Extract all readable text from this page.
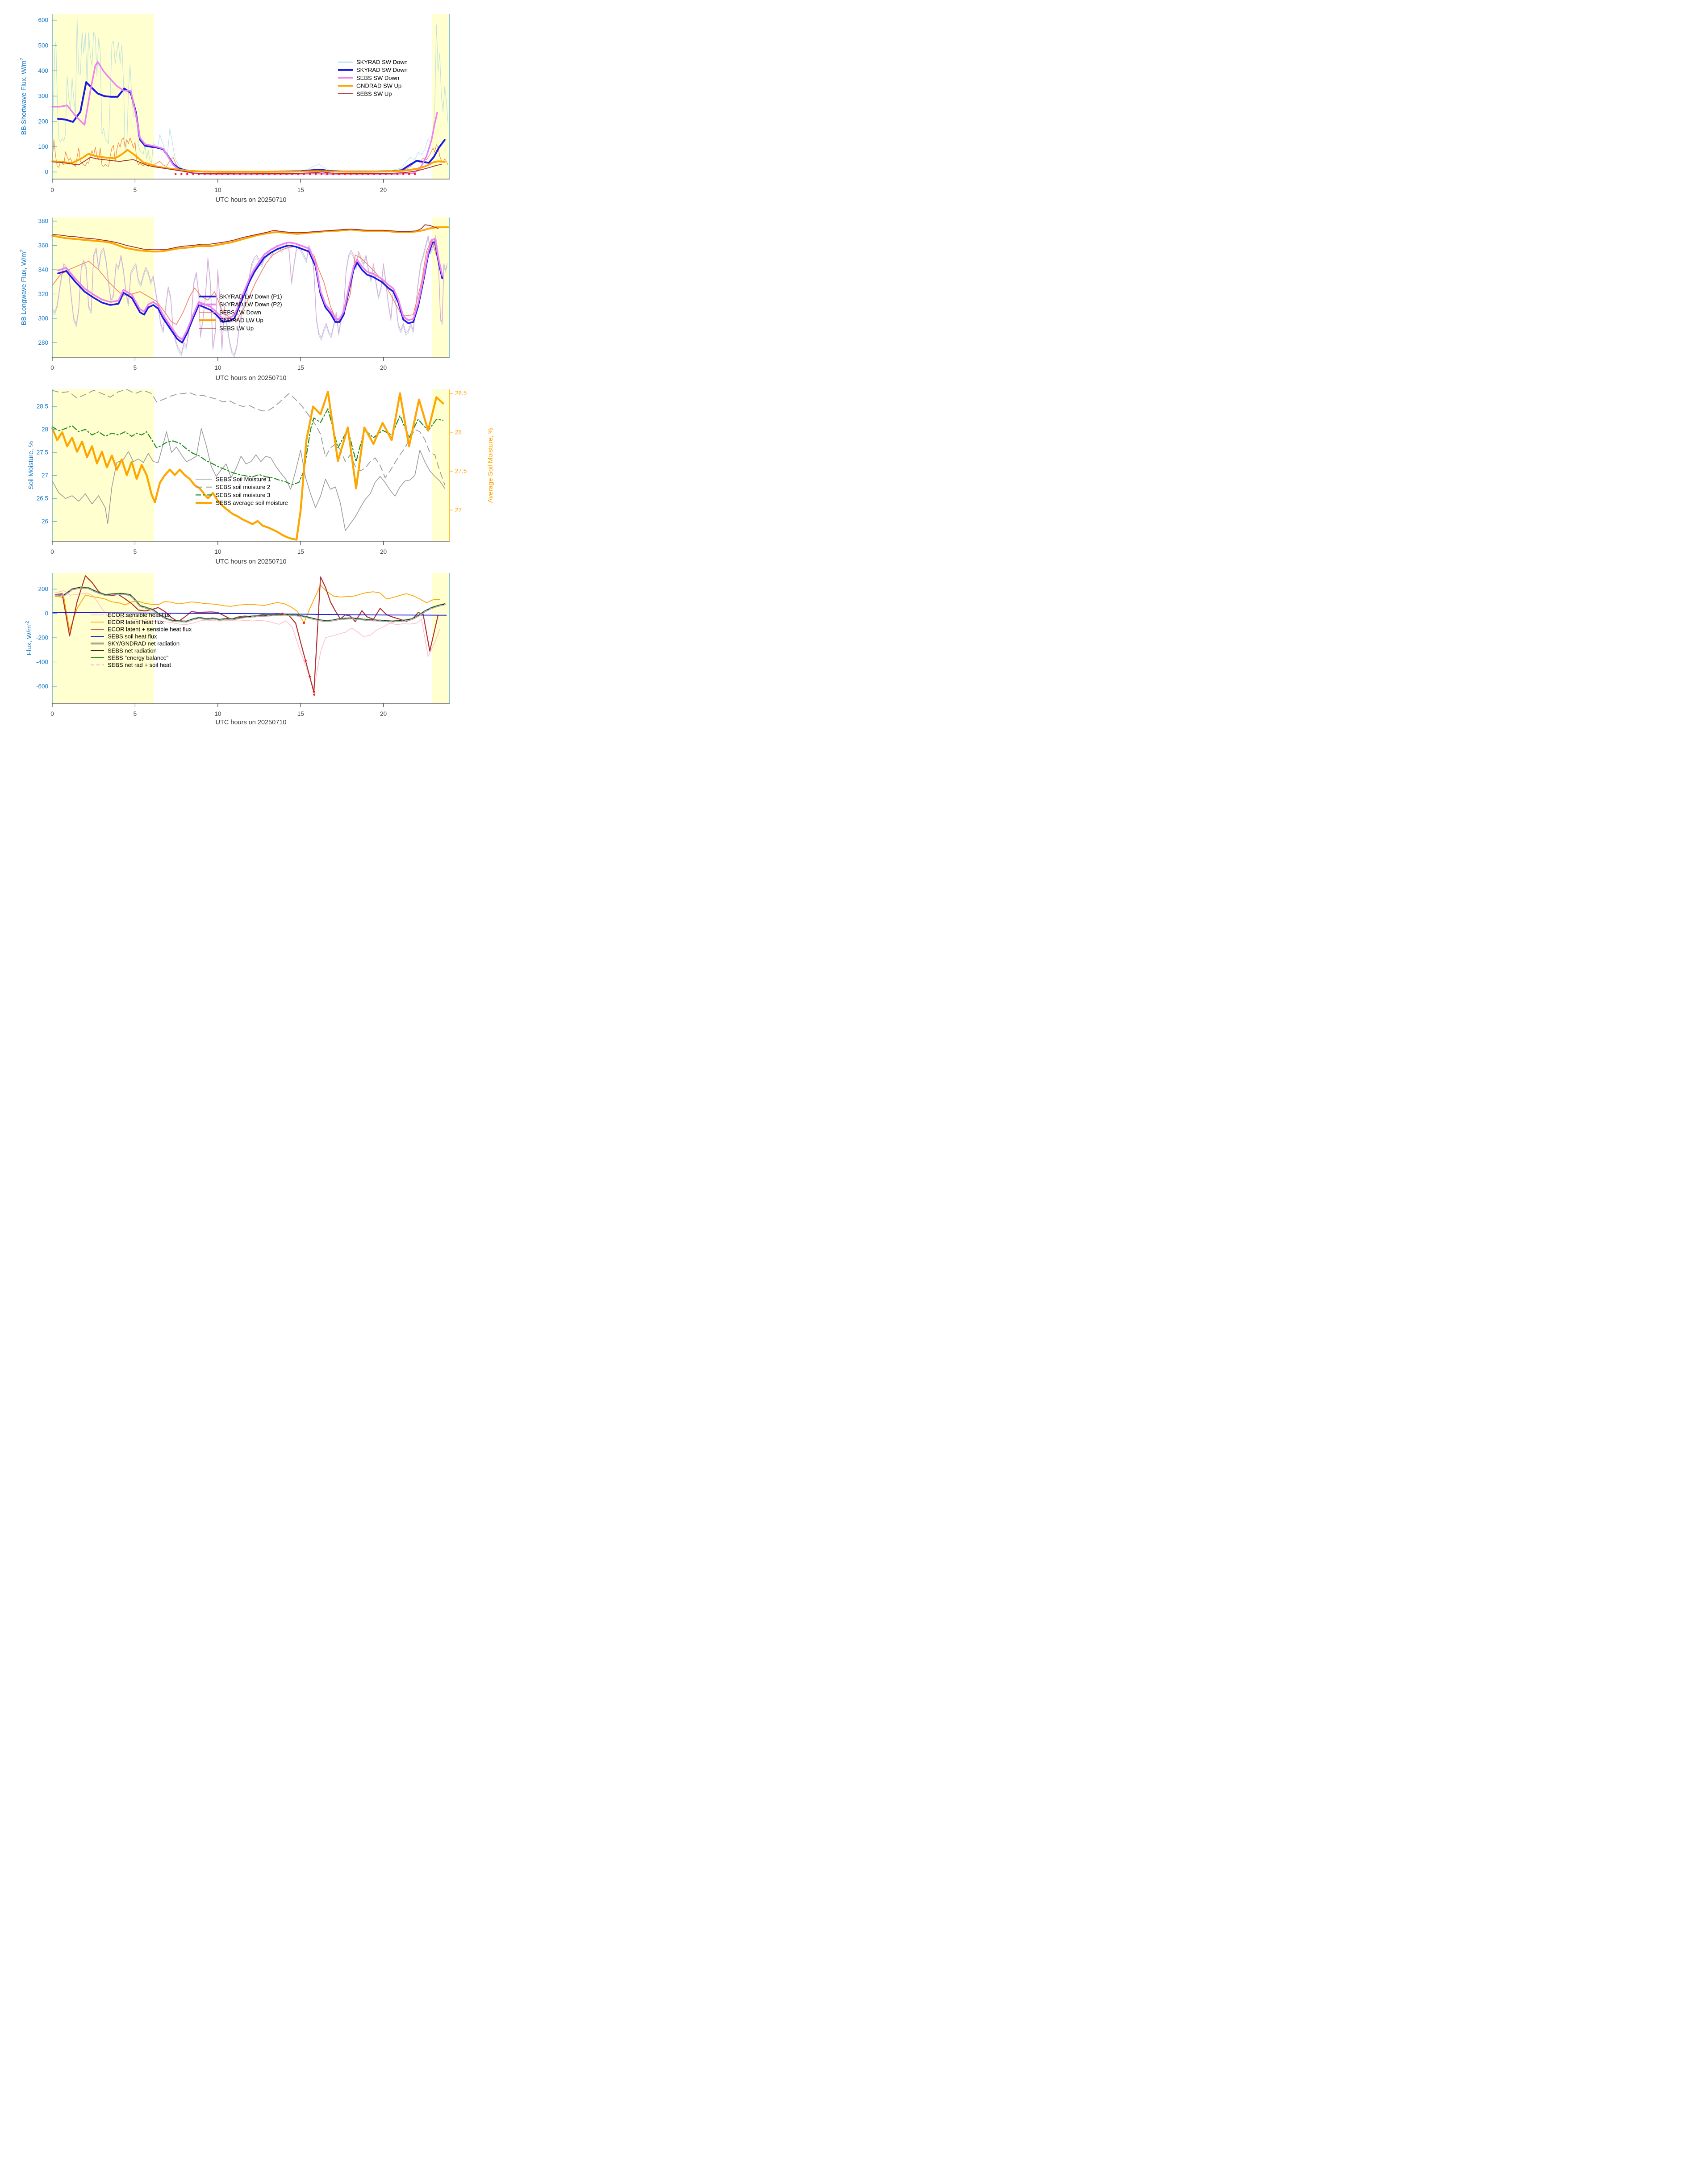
0
100
200
300
400
500
600
0	5	10	15	20
UTC hours on 20250710
BB Shortwave Flux, $W/m^2$	SKYRAD SW Down
SKYRAD SW Down
SEBS SW Down
GNDRAD SW Up
SEBS SW Up
280
300
320
340
360
380
0	5	10	15	20
UTC hours on 20250710
BB Longwave Flux, $W/m^2$
SKYRAD LW Down (P1)
SKYRAD LW Down (P2)
SEBS LW Down
GNDRAD LW Up
SEBS LW Up
26
26.5
27
27.5
28
28.5
27
27.5
28
28.5
0	5	10	15	20
UTC hours on 20250710
Soil Moisture, %	Average Soil Moisture, %
SEBS Soil Moisture 1
SEBS soil moisture 2
SEBS soil moisture 3
SEBS average soil moisture
-600
-400
-200
0
200
0	5	10	15	20
UTC hours on 20250710
Flux, $W/m^{-2}$
ECOR sensible heat flux
ECOR latent heat flux
ECOR latent + sensible heat flux
SEBS soil heat flux
SKY/GNDRAD net radiation
SEBS net radiation
SEBS "energy balance"
SEBS net rad + soil heat
